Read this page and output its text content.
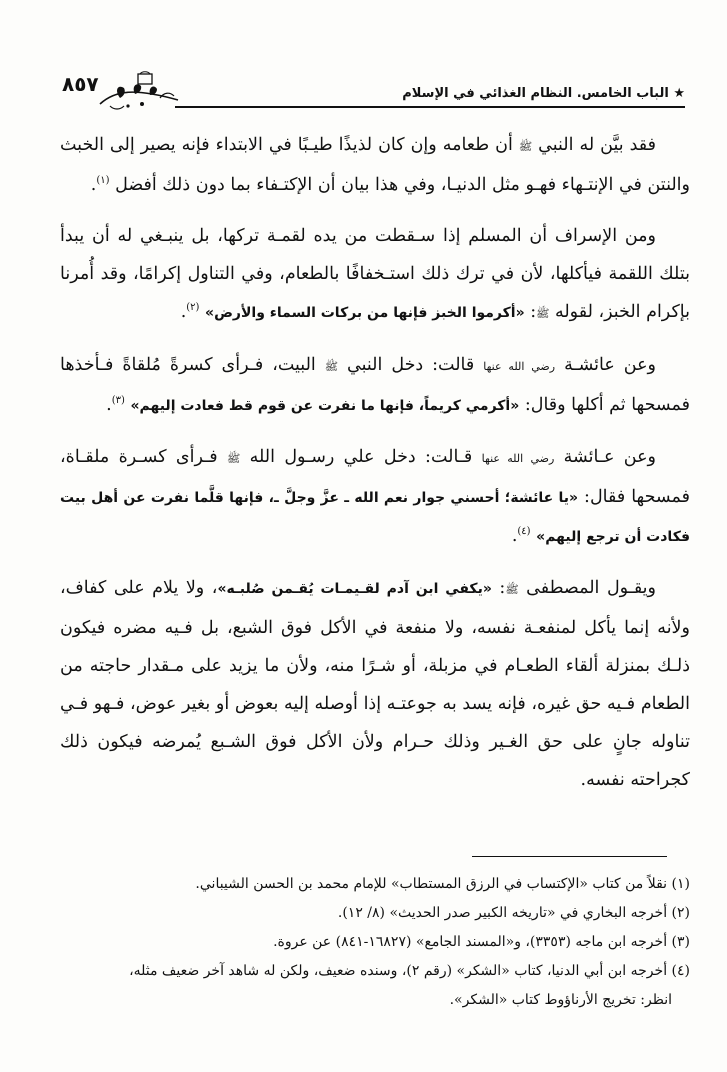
٨٥٧	★ الباب الخامس. النظام الغذائي في الإسلام

فقد بيَّن له النبي ﷺ أن طعامه وإن كان لذيذًا طيـبًا في الابتداء فإنه يصير إلى الخبث والنتن في الإنتـهاء فهـو مثل الدنيـا، وفي هذا بيان أن الإكتـفاء بما دون ذلك أفضل $^{(١)}$.

ومن الإسراف أن المسلم إذا سـقطت من يده لقمـة تركها، بل ينبـغي له أن يبدأ بتلك اللقمة فيأكلها، لأن في ترك ذلك استـخفافًا بالطعام، وفي التناول إكرامًا، وقد أُمرنا بإكرام الخبز، لقوله ﷺ: «أكرموا الخبز فإنها من بركات السماء والأرض» $^{(٢)}$.

وعن عائشـة رضي الله عنها قالت: دخل النبي ﷺ البيت، فـرأى كسرةً مُلقاةً فـأخذها فمسحها ثم أكلها وقال: «أكرمي كريماً، فإنها ما نفرت عن قوم قط فعادت إليهم» $^{(٣)}$.

وعن عـائشة رضي الله عنها قـالت: دخل علي رسـول الله ﷺ فـرأى كسـرة ملقـاة، فمسحها فقال: «يا عائشة؛ أحسني جوار نعم الله ـ عزَّ وجلَّ ـ، فإنها قلَّما نفرت عن أهل بيت فكادت أن ترجع إليهم» $^{(٤)}$.

ويقـول المصطفى ﷺ: «يكفي ابن آدم لقـيمـات يُقـمن صُلبـه»، ولا يلام على كفاف، ولأنه إنما يأكل لمنفعـة نفسه، ولا منفعة في الأكل فوق الشبع، بل فـيه مضره فيكون ذلـك بمنزلة ألقاء الطعـام في مزبلة، أو شـرًا منه، ولأن ما يزيد على مـقدار حاجته من الطعام فـيه حق غيره، فإنه يسد به جوعتـه إذا أوصله إليه بعوض أو بغير عوض، فـهو فـي تناوله جانٍ على حق الغـير وذلك حـرام ولأن الأكل فوق الشـبع يُمرضه فيكون ذلك كجراحته نفسه.

(١) نقلاً من كتاب «الإكتساب في الرزق المستطاب» للإمام محمد بن الحسن الشيباني.
(٢) أخرجه البخاري في «تاريخه الكبير صدر الحديث» (٨/ ١٢).
(٣) أخرجه ابن ماجه (٣٣٥٣)، و«المسند الجامع» (١٦٨٢٧-٨٤١) عن عروة.
(٤) أخرجه ابن أبي الدنيا، كتاب «الشكر» (رقم ٢)، وسنده ضعيف، ولكن له شاهد آخر ضعيف مثله،
انظر: تخريج الأرناؤوط كتاب «الشكر».
